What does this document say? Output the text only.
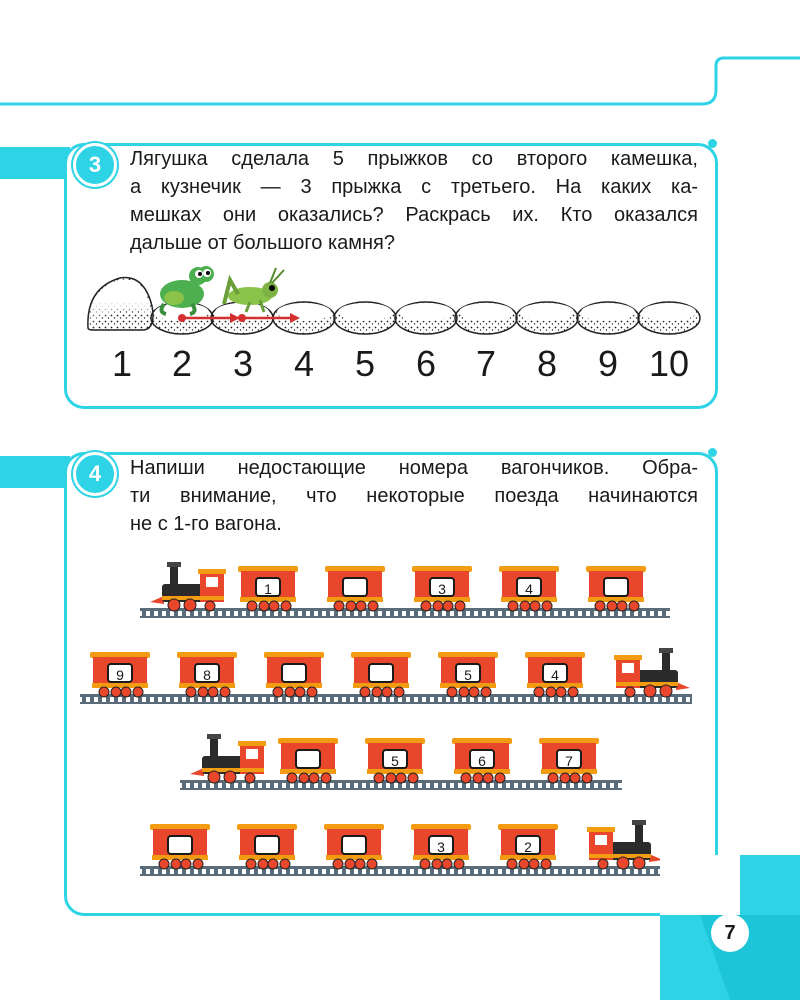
3 Лягушка сделала 5 прыжков со второго камешка,
а кузнечик — 3 прыжка с третьего. На каких ка-
мешках они оказались? Раскрась их. Кто оказался
дальше от большого камня?
1	2	3	4	5	6	7	8	9 10
4 Напиши недостающие номера вагончиков. Обра-
ти внимание, что некоторые поезда начинаются
не с 1-го вагона.
1	3	4
9	8	5	4
5	6	7
3	2
7
